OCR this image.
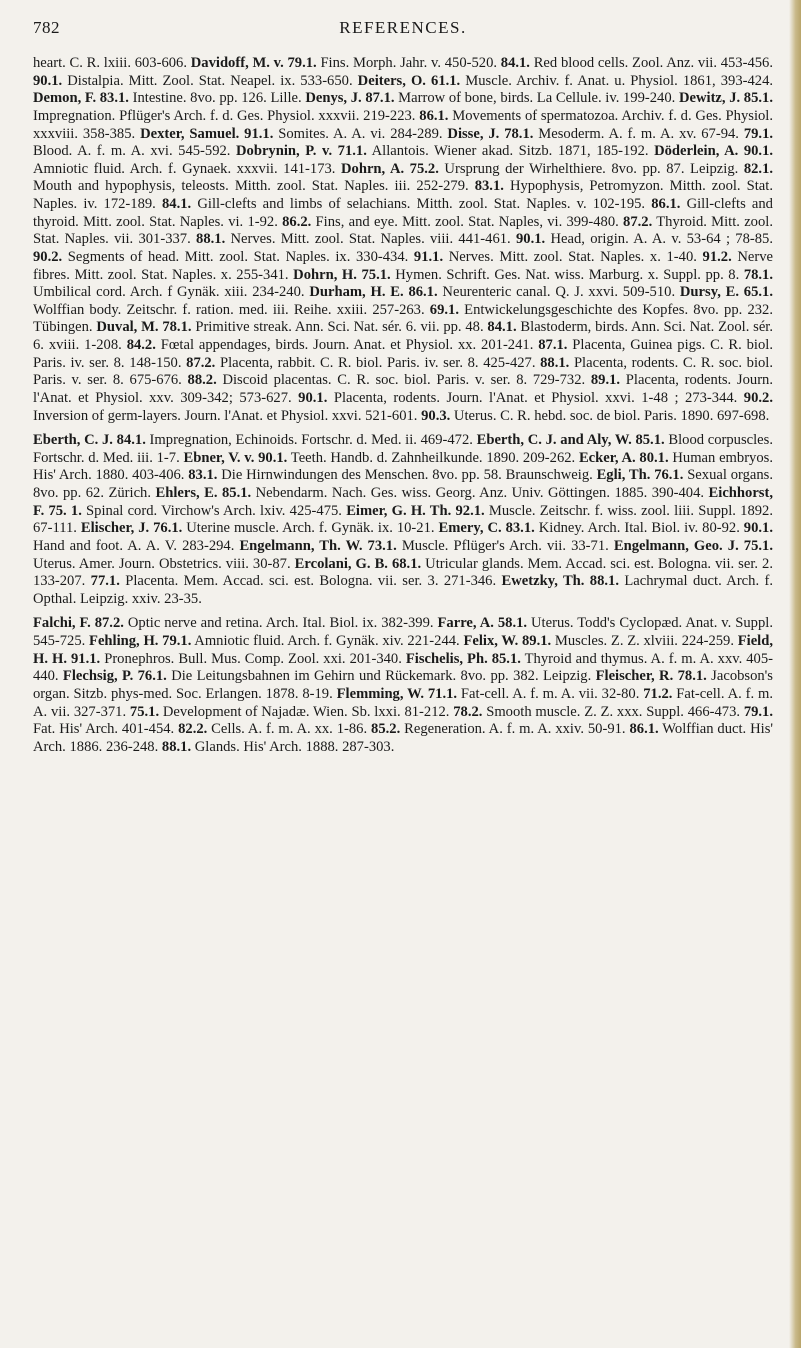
782	REFERENCES.

heart. C. R. lxiii. 603-606. Davidoff, M. v. 79.1. Fins. Morph. Jahr. v. 450-520. 84.1. Red blood cells. Zool. Anz. vii. 453-456. 90.1. Distalpia. Mitt. Zool. Stat. Neapel. ix. 533-650. Deiters, O. 61.1. Muscle. Archiv. f. Anat. u. Physiol. 1861, 393-424. Demon, F. 83.1. Intestine. 8vo. pp. 126. Lille. Denys, J. 87.1. Marrow of bone, birds. La Cellule. iv. 199-240. Dewitz, J. 85.1. Impregnation. Pflüger's Arch. f. d. Ges. Physiol. xxxvii. 219-223. 86.1. Movements of spermatozoa. Archiv. f. d. Ges. Physiol. xxxviii. 358-385. Dexter, Samuel. 91.1. Somites. A. A. vi. 284-289. Disse, J. 78.1. Mesoderm. A. f. m. A. xv. 67-94. 79.1. Blood. A. f. m. A. xvi. 545-592. Dobrynin, P. v. 71.1. Allantois. Wiener akad. Sitzb. 1871, 185-192. Döderlein, A. 90.1. Amniotic fluid. Arch. f. Gynaek. xxxvii. 141-173. Dohrn, A. 75.2. Ursprung der Wirhelthiere. 8vo. pp. 87. Leipzig. 82.1. Mouth and hypophysis, teleosts. Mitth. zool. Stat. Naples. iii. 252-279. 83.1. Hypophysis, Petromyzon. Mitth. zool. Stat. Naples. iv. 172-189. 84.1. Gill-clefts and limbs of selachians. Mitth. zool. Stat. Naples. v. 102-195. 86.1. Gill-clefts and thyroid. Mitt. zool. Stat. Naples. vi. 1-92. 86.2. Fins, and eye. Mitt. zool. Stat. Naples, vi. 399-480. 87.2. Thyroid. Mitt. zool. Stat. Naples. vii. 301-337. 88.1. Nerves. Mitt. zool. Stat. Naples. viii. 441-461. 90.1. Head, origin. A. A. v. 53-64 ; 78-85. 90.2. Segments of head. Mitt. zool. Stat. Naples. ix. 330-434. 91.1. Nerves. Mitt. zool. Stat. Naples. x. 1-40. 91.2. Nerve fibres. Mitt. zool. Stat. Naples. x. 255-341. Dohrn, H. 75.1. Hymen. Schrift. Ges. Nat. wiss. Marburg. x. Suppl. pp. 8. 78.1. Umbilical cord. Arch. f Gynäk. xiii. 234-240. Durham, H. E. 86.1. Neurenteric canal. Q. J. xxvi. 509-510. Dursy, E. 65.1. Wolffian body. Zeitschr. f. ration. med. iii. Reihe. xxiii. 257-263. 69.1. Entwickelungsgeschichte des Kopfes. 8vo. pp. 232. Tübingen. Duval, M. 78.1. Primitive streak. Ann. Sci. Nat. sér. 6. vii. pp. 48. 84.1. Blastoderm, birds. Ann. Sci. Nat. Zool. sér. 6. xviii. 1-208. 84.2. Fœtal appendages, birds. Journ. Anat. et Physiol. xx. 201-241. 87.1. Placenta, Guinea pigs. C. R. biol. Paris. iv. ser. 8. 148-150. 87.2. Placenta, rabbit. C. R. biol. Paris. iv. ser. 8. 425-427. 88.1. Placenta, rodents. C. R. soc. biol. Paris. v. ser. 8. 675-676. 88.2. Discoid placentas. C. R. soc. biol. Paris. v. ser. 8. 729-732. 89.1. Placenta, rodents. Journ. l'Anat. et Physiol. xxv. 309-342; 573-627. 90.1. Placenta, rodents. Journ. l'Anat. et Physiol. xxvi. 1-48 ; 273-344. 90.2. Inversion of germ-layers. Journ. l'Anat. et Physiol. xxvi. 521-601. 90.3. Uterus. C. R. hebd. soc. de biol. Paris. 1890. 697-698.

Eberth, C. J. 84.1. Impregnation, Echinoids. Fortschr. d. Med. ii. 469-472. Eberth, C. J. and Aly, W. 85.1. Blood corpuscles. Fortschr. d. Med. iii. 1-7. Ebner, V. v. 90.1. Teeth. Handb. d. Zahnheilkunde. 1890. 209-262. Ecker, A. 80.1. Human embryos. His' Arch. 1880. 403-406. 83.1. Die Hirnwindungen des Menschen. 8vo. pp. 58. Braunschweig. Egli, Th. 76.1. Sexual organs. 8vo. pp. 62. Zürich. Ehlers, E. 85.1. Nebendarm. Nach. Ges. wiss. Georg. Anz. Univ. Göttingen. 1885. 390-404. Eichhorst, F. 75. 1. Spinal cord. Virchow's Arch. lxiv. 425-475. Eimer, G. H. Th. 92.1. Muscle. Zeitschr. f. wiss. zool. liii. Suppl. 1892. 67-111. Elischer, J. 76.1. Uterine muscle. Arch. f. Gynäk. ix. 10-21. Emery, C. 83.1. Kidney. Arch. Ital. Biol. iv. 80-92. 90.1. Hand and foot. A. A. V. 283-294. Engelmann, Th. W. 73.1. Muscle. Pflüger's Arch. vii. 33-71. Engelmann, Geo. J. 75.1. Uterus. Amer. Journ. Obstetrics. viii. 30-87. Ercolani, G. B. 68.1. Utricular glands. Mem. Accad. sci. est. Bologna. vii. ser. 2. 133-207. 77.1. Placenta. Mem. Accad. sci. est. Bologna. vii. ser. 3. 271-346. Ewetzky, Th. 88.1. Lachrymal duct. Arch. f. Opthal. Leipzig. xxiv. 23-35.

Falchi, F. 87.2. Optic nerve and retina. Arch. Ital. Biol. ix. 382-399. Farre, A. 58.1. Uterus. Todd's Cyclopæd. Anat. v. Suppl. 545-725. Fehling, H. 79.1. Amniotic fluid. Arch. f. Gynäk. xiv. 221-244. Felix, W. 89.1. Muscles. Z. Z. xlviii. 224-259. Field, H. H. 91.1. Pronephros. Bull. Mus. Comp. Zool. xxi. 201-340. Fischelis, Ph. 85.1. Thyroid and thymus. A. f. m. A. xxv. 405-440. Flechsig, P. 76.1. Die Leitungsbahnen im Gehirn und Rückemark. 8vo. pp. 382. Leipzig. Fleischer, R. 78.1. Jacobson's organ. Sitzb. phys-med. Soc. Erlangen. 1878. 8-19. Flemming, W. 71.1. Fat-cell. A. f. m. A. vii. 32-80. 71.2. Fat-cell. A. f. m. A. vii. 327-371. 75.1. Development of Najadæ. Wien. Sb. lxxi. 81-212. 78.2. Smooth muscle. Z. Z. xxx. Suppl. 466-473. 79.1. Fat. His' Arch. 401-454. 82.2. Cells. A. f. m. A. xx. 1-86. 85.2. Regeneration. A. f. m. A. xxiv. 50-91. 86.1. Wolffian duct. His' Arch. 1886. 236-248. 88.1. Glands. His' Arch. 1888. 287-303.
